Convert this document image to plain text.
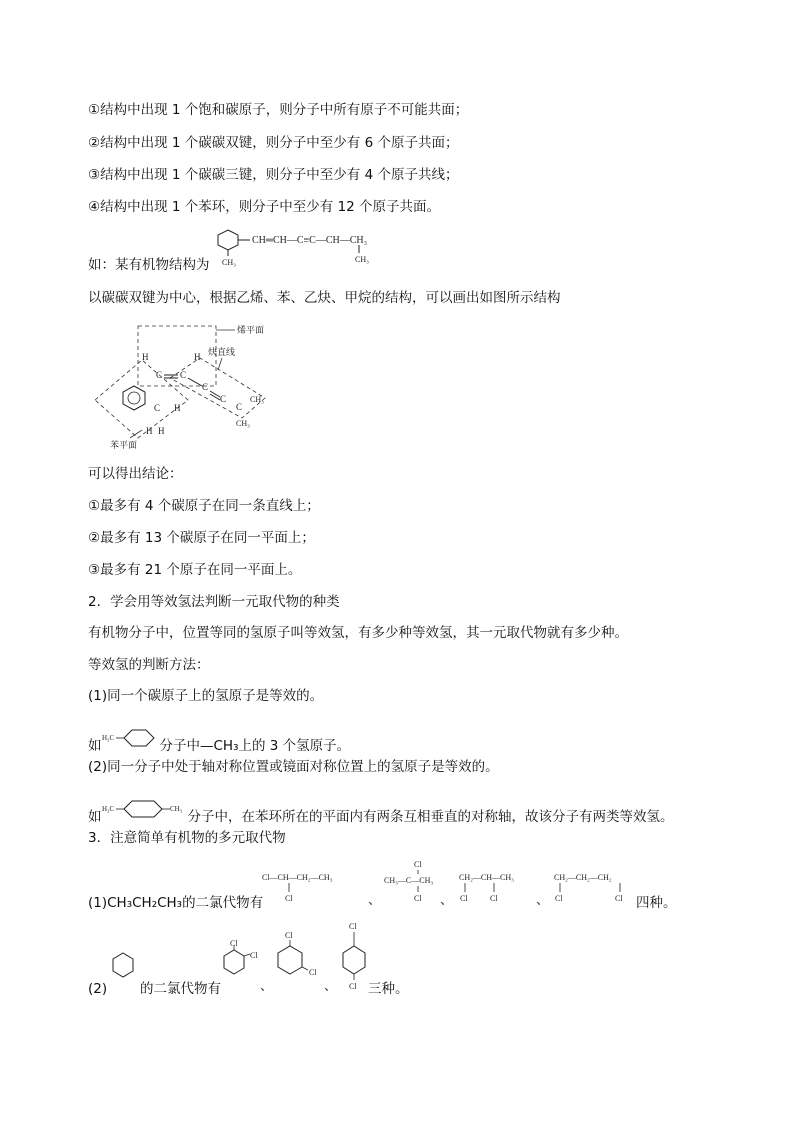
①结构中出现 1 个饱和碳原子，则分子中所有原子不可能共面；
②结构中出现 1 个碳碳双键，则分子中至少有 6 个原子共面；
③结构中出现 1 个碳碳三键，则分子中至少有 4 个原子共线；
④结构中出现 1 个苯环，则分子中至少有 12 个原子共面。
如：某有机物结构为
CH═CH—C≡C—CH—CH₃
CH₃	CH₃
以碳碳双键为中心，根据乙烯、苯、乙炔、甲烷的结构，可以画出如图所示结构
烯平面
炔直线
H	H
C C
C
C
C
CH₃
CH₃
C H
H H
苯平面
可以得出结论：
①最多有 4 个碳原子在同一条直线上；
②最多有 13 个碳原子在同一平面上；
③最多有 21 个原子在同一平面上。
2．学会用等效氢法判断一元取代物的种类
有机物分子中，位置等同的氢原子叫等效氢，有多少种等效氢，其一元取代物就有多少种。
等效氢的判断方法：
(1)同一个碳原子上的氢原子是等效的。
如 H₃C	分子中—CH₃上的 3 个氢原子。
(2)同一分子中处于轴对称位置或镜面对称位置上的氢原子是等效的。
如 H₃C	CH₃ 分子中，在苯环所在的平面内有两条互相垂直的对称轴，故该分子有两类等效氢。
3．注意简单有机物的多元取代物
(1)CH₃CH₂CH₃的二氯代物有
Cl—CH—CH₂—CH₃
Cl	、
Cl
CH₃—C—CH₃
Cl 、
CH₂—CH—CH₃
Cl	Cl	、
CH₂—CH₂—CH₂
Cl	Cl 四种。
(2) 的二氯代物有
Cl
Cl
、
Cl
Cl
、
Cl
Cl 三种。
